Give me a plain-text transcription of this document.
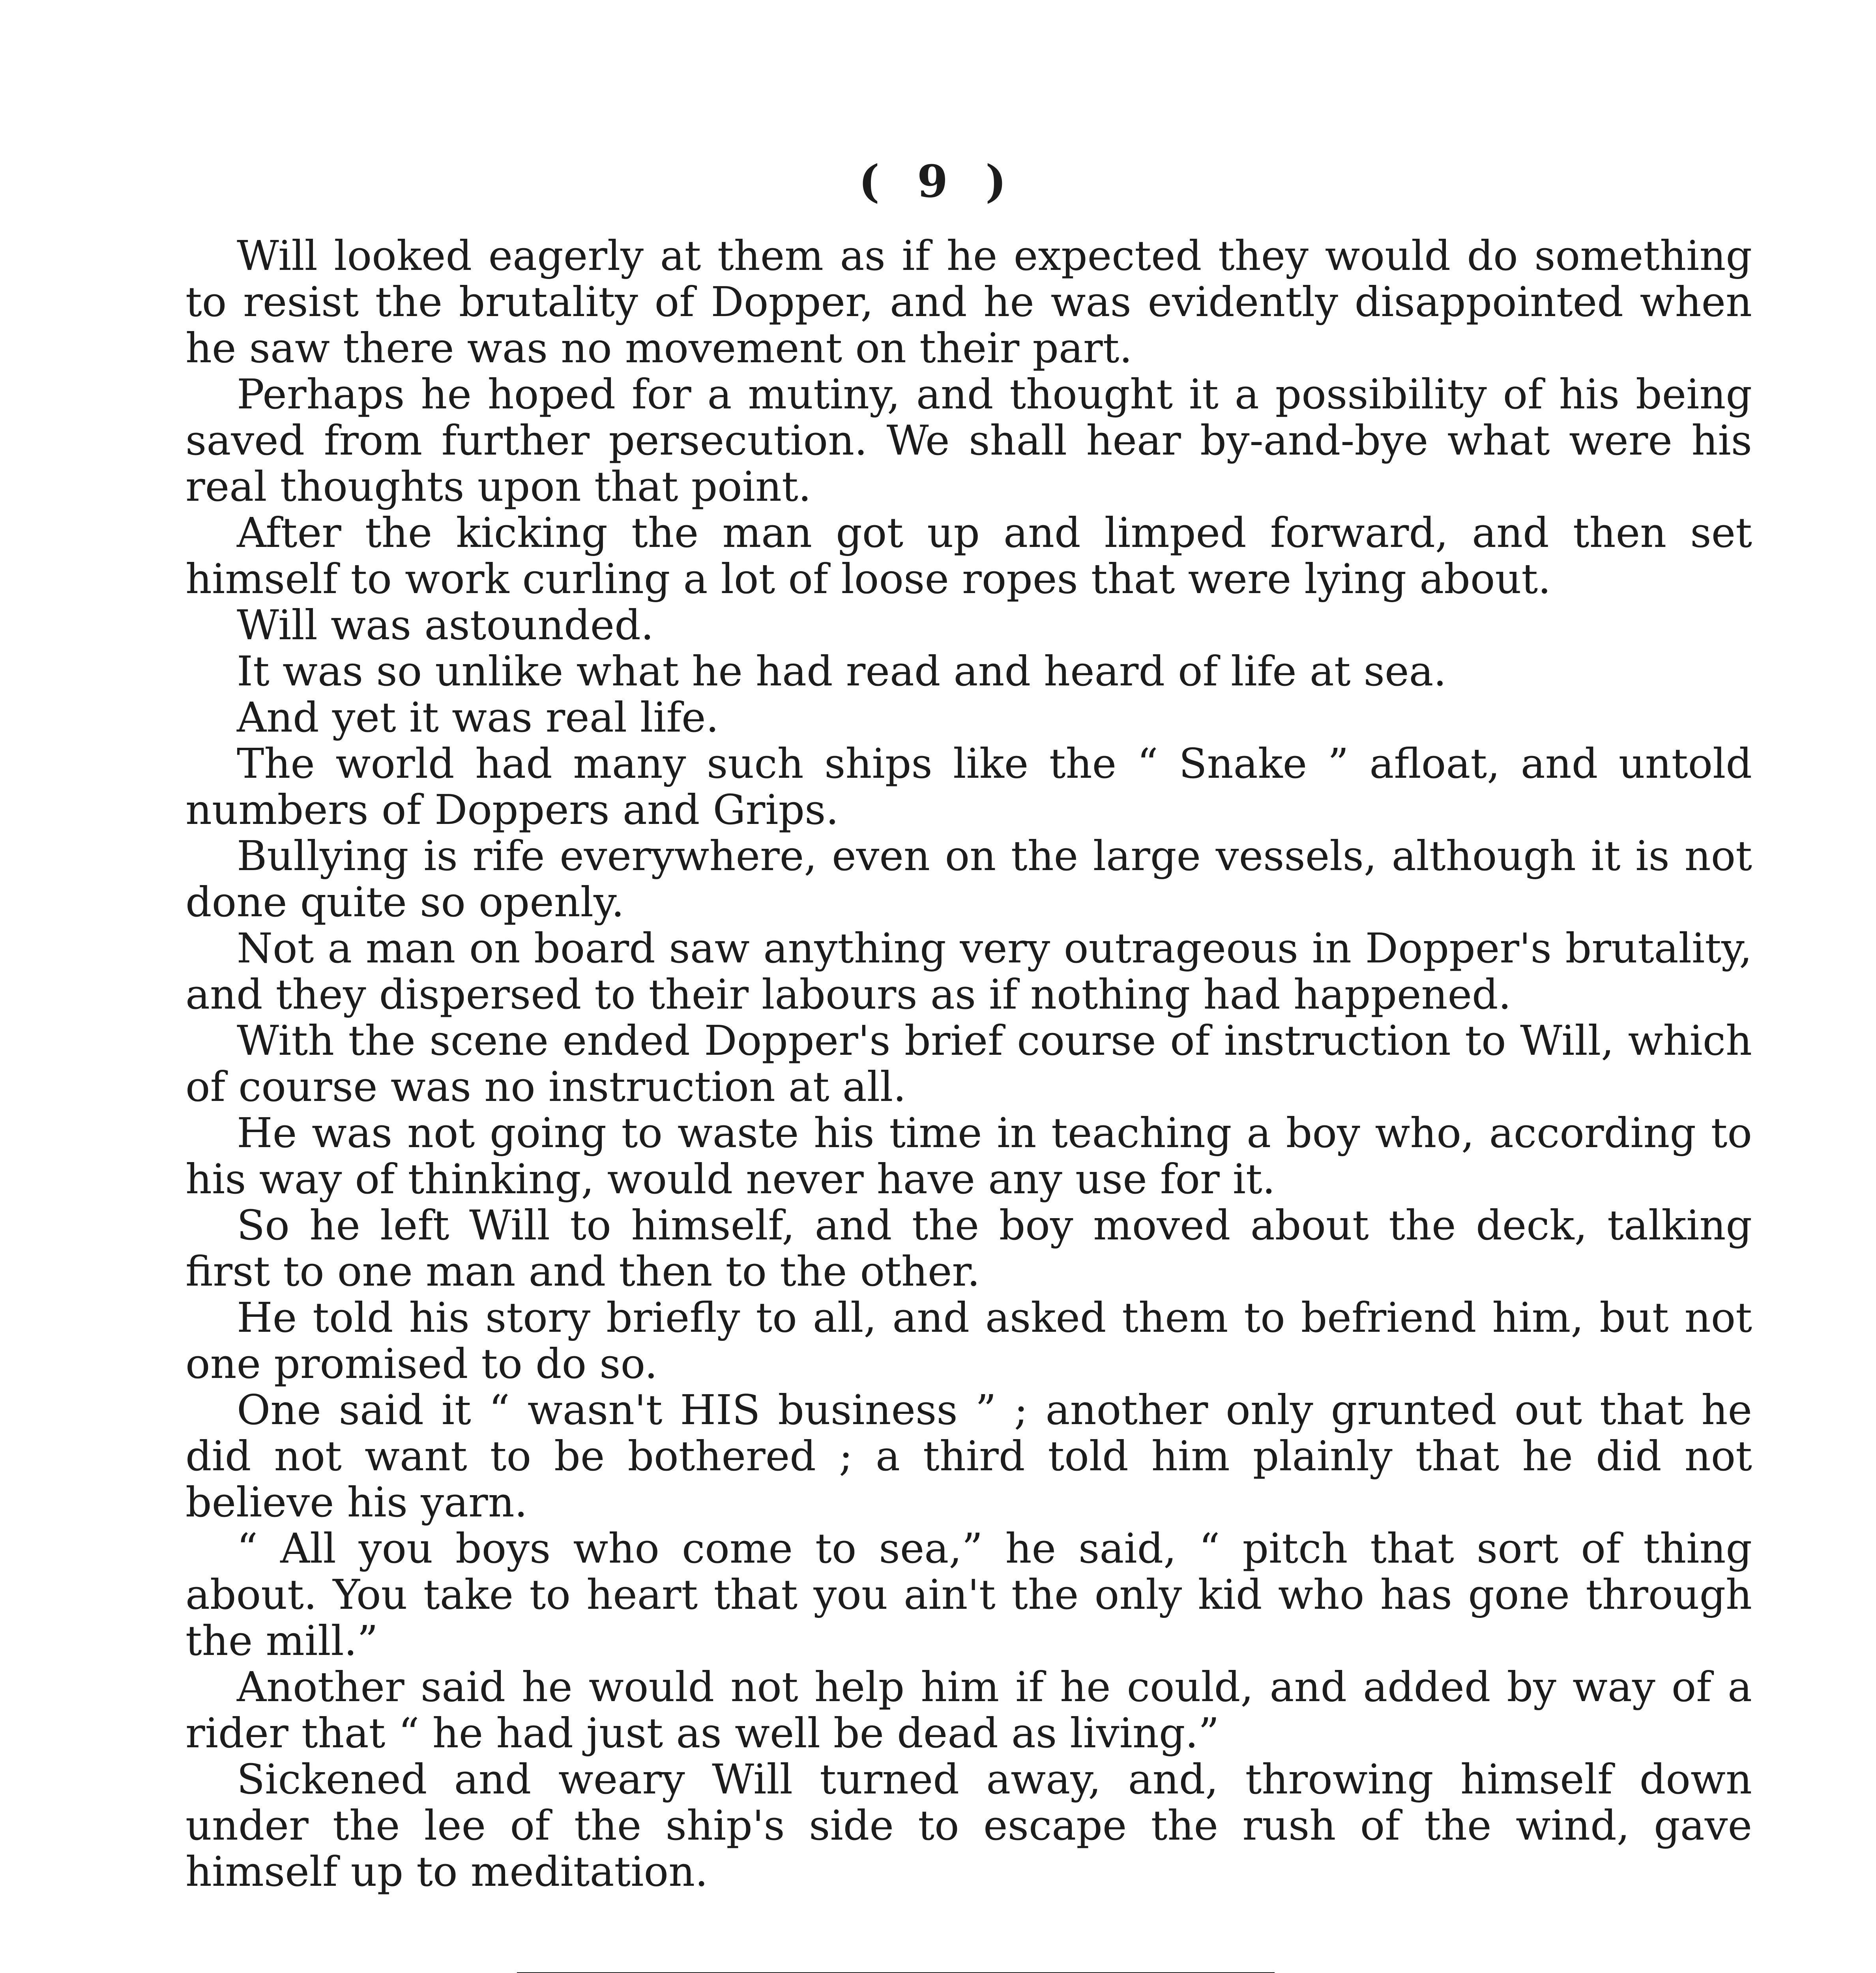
( 9 )

Will looked eagerly at them as if he expected they would do something to resist the brutality of Dopper, and he was evidently disappointed when he saw there was no movement on their part.

Perhaps he hoped for a mutiny, and thought it a possibility of his being saved from further persecution. We shall hear by-and-bye what were his real thoughts upon that point.

After the kicking the man got up and limped forward, and then set himself to work curling a lot of loose ropes that were lying about.

Will was astounded.

It was so unlike what he had read and heard of life at sea.

And yet it was real life.

The world had many such ships like the “ Snake ” afloat, and untold numbers of Doppers and Grips.

Bullying is rife everywhere, even on the large vessels, although it is not done quite so openly.

Not a man on board saw anything very outrageous in Dopper's brutality, and they dispersed to their labours as if nothing had happened.

With the scene ended Dopper's brief course of instruction to Will, which of course was no instruction at all.

He was not going to waste his time in teaching a boy who, according to his way of thinking, would never have any use for it.

So he left Will to himself, and the boy moved about the deck, talking first to one man and then to the other.

He told his story briefly to all, and asked them to befriend him, but not one promised to do so.

One said it “ wasn't HIS business ” ; another only grunted out that he did not want to be bothered ; a third told him plainly that he did not believe his yarn.

“ All you boys who come to sea,” he said, “ pitch that sort of thing about. You take to heart that you ain't the only kid who has gone through the mill.”

Another said he would not help him if he could, and added by way of a rider that “ he had just as well be dead as living.”

Sickened and weary Will turned away, and, throwing himself down under the lee of the ship's side to escape the rush of the wind, gave himself up to meditation.
